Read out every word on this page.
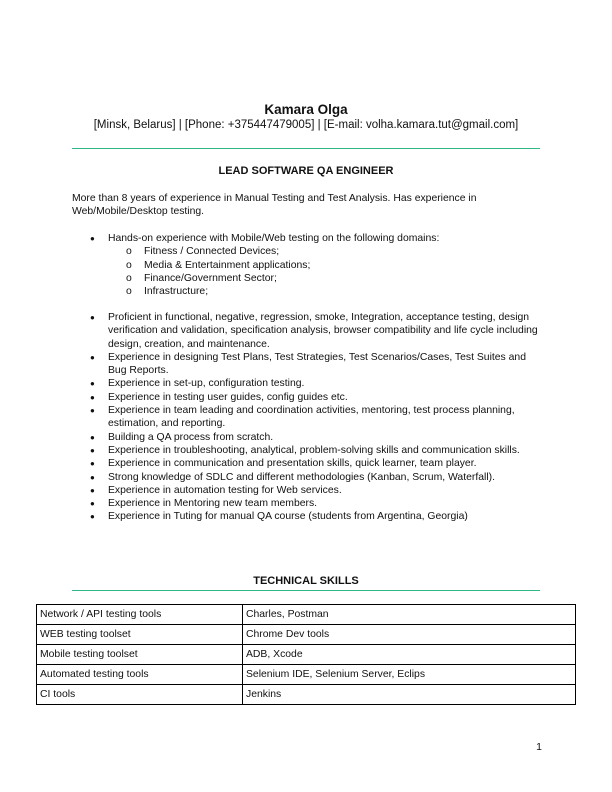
Kamara Olga
[Minsk, Belarus] | [Phone: +375447479005] | [E-mail: volha.kamara.tut@gmail.com]
LEAD SOFTWARE QA ENGINEER
More than 8 years of experience in Manual Testing and Test Analysis. Has experience in Web/Mobile/Desktop testing.
● Hands-on experience with Mobile/Web testing on the following domains:
o Fitness / Connected Devices;
o Media & Entertainment applications;
o Finance/Government Sector;
o Infrastructure;
● Proficient in functional, negative, regression, smoke, Integration, acceptance testing, design verification and validation, specification analysis, browser compatibility and life cycle including design, creation, and maintenance.
● Experience in designing Test Plans, Test Strategies, Test Scenarios/Cases, Test Suites and Bug Reports.
● Experience in set-up, configuration testing.
● Experience in testing user guides, config guides etc.
● Experience in team leading and coordination activities, mentoring, test process planning, estimation, and reporting.
● Building a QA process from scratch.
● Experience in troubleshooting, analytical, problem-solving skills and communication skills.
● Experience in communication and presentation skills, quick learner, team player.
● Strong knowledge of SDLC and different methodologies (Kanban, Scrum, Waterfall).
● Experience in automation testing for Web services.
● Experience in Mentoring new team members.
● Experience in Tuting for manual QA course (students from Argentina, Georgia)
TECHNICAL SKILLS
Network / API testing tools	Charles, Postman
WEB testing toolset	Chrome Dev tools
Mobile testing toolset	ADB, Xcode
Automated testing tools	Selenium IDE, Selenium Server, Eclips
CI tools	Jenkins
1
